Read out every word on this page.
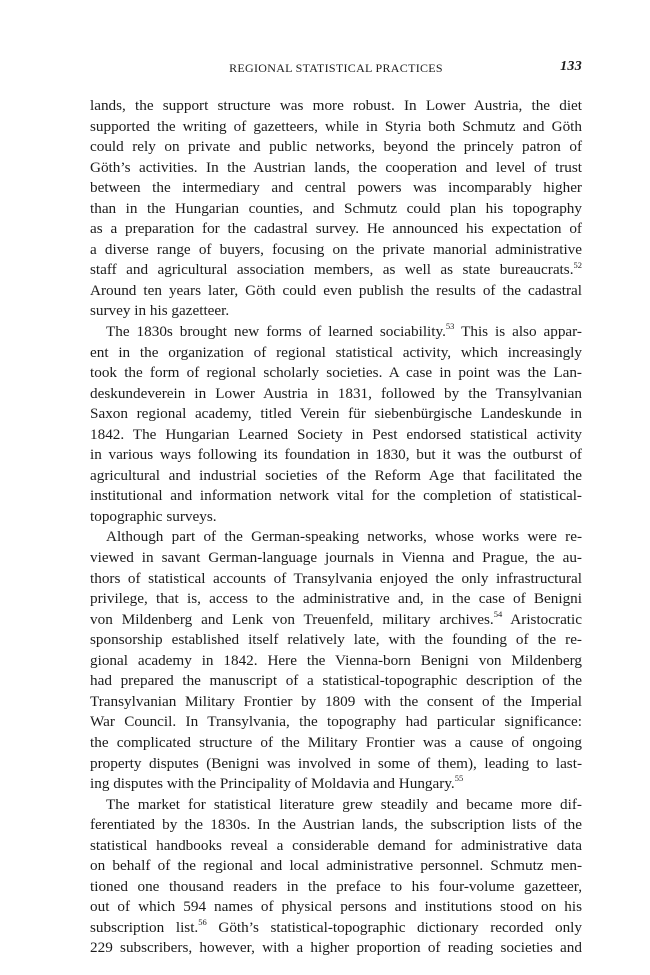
REGIONAL STATISTICAL PRACTICES	133

lands, the support structure was more robust. In Lower Austria, the diet
supported the writing of gazetteers, while in Styria both Schmutz and Göth
could rely on private and public networks, beyond the princely patron of
Göth’s activities. In the Austrian lands, the cooperation and level of trust
between the intermediary and central powers was incomparably higher
than in the Hungarian counties, and Schmutz could plan his topography
as a preparation for the cadastral survey. He announced his expectation of
a diverse range of buyers, focusing on the private manorial administrative
staff and agricultural association members, as well as state bureaucrats.$^{52}$
Around ten years later, Göth could even publish the results of the cadastral
survey in his gazetteer.

The 1830s brought new forms of learned sociability.$^{53}$ This is also appar-
ent in the organization of regional statistical activity, which increasingly
took the form of regional scholarly societies. A case in point was the Lan-
deskundeverein in Lower Austria in 1831, followed by the Transylvanian
Saxon regional academy, titled Verein für siebenbürgische Landeskunde in
1842. The Hungarian Learned Society in Pest endorsed statistical activity
in various ways following its foundation in 1830, but it was the outburst of
agricultural and industrial societies of the Reform Age that facilitated the
institutional and information network vital for the completion of statistical-
topographic surveys.

Although part of the German-speaking networks, whose works were re-
viewed in savant German-language journals in Vienna and Prague, the au-
thors of statistical accounts of Transylvania enjoyed the only infrastructural
privilege, that is, access to the administrative and, in the case of Benigni
von Mildenberg and Lenk von Treuenfeld, military archives.$^{54}$ Aristocratic
sponsorship established itself relatively late, with the founding of the re-
gional academy in 1842. Here the Vienna-born Benigni von Mildenberg
had prepared the manuscript of a statistical-topographic description of the
Transylvanian Military Frontier by 1809 with the consent of the Imperial
War Council. In Transylvania, the topography had particular significance:
the complicated structure of the Military Frontier was a cause of ongoing
property disputes (Benigni was involved in some of them), leading to last-
ing disputes with the Principality of Moldavia and Hungary.$^{55}$

The market for statistical literature grew steadily and became more dif-
ferentiated by the 1830s. In the Austrian lands, the subscription lists of the
statistical handbooks reveal a considerable demand for administrative data
on behalf of the regional and local administrative personnel. Schmutz men-
tioned one thousand readers in the preface to his four-volume gazetteer,
out of which 594 names of physical persons and institutions stood on his
subscription list.$^{56}$ Göth’s statistical-topographic dictionary recorded only
229 subscribers, however, with a higher proportion of reading societies and
